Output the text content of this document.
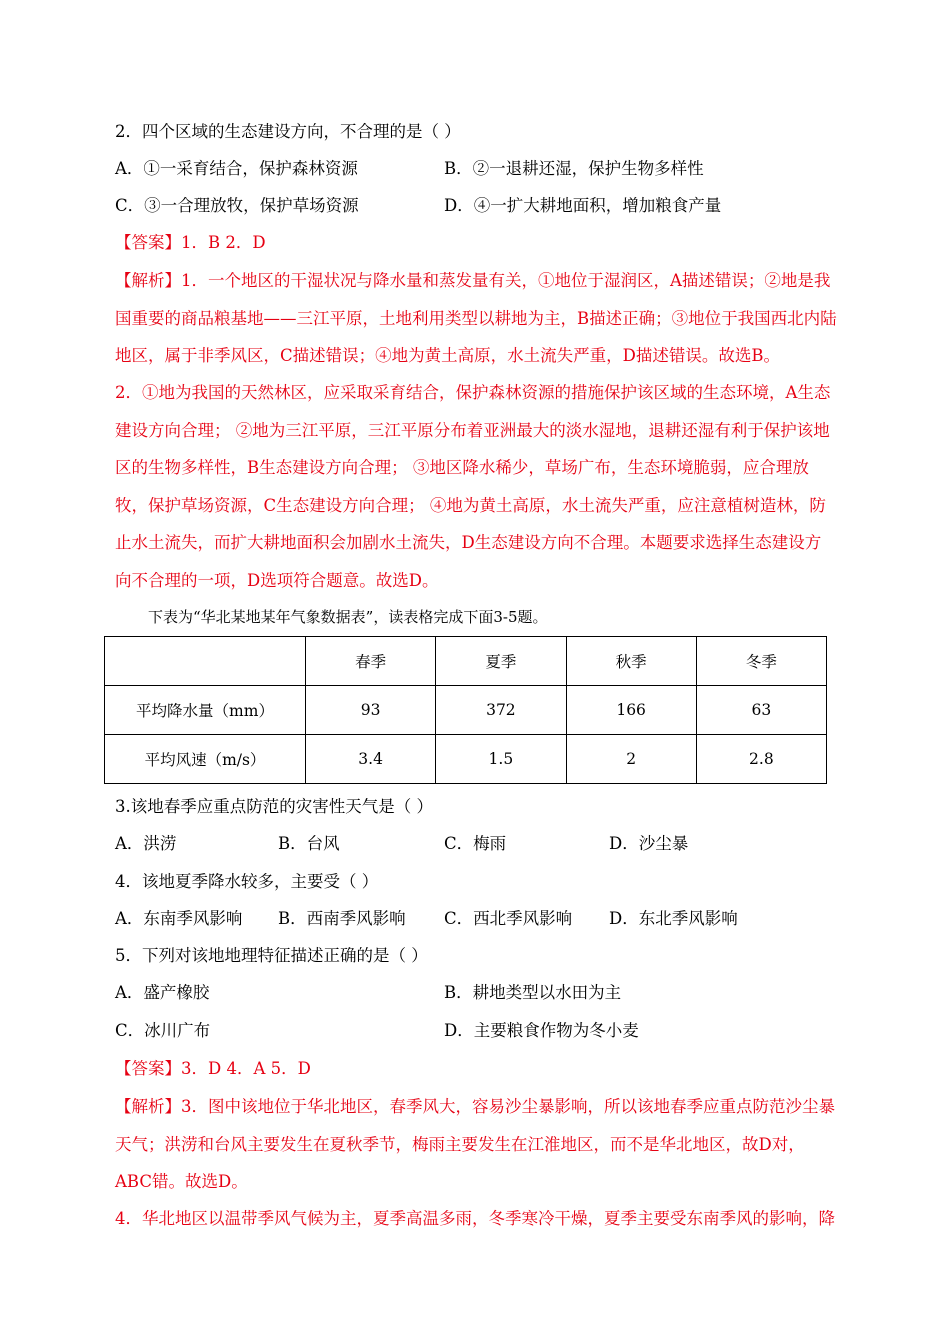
2．四个区域的生态建设方向，不合理的是（ ）
A．①一采育结合，保护森林资源	B．②一退耕还湿，保护生物多样性
C．③一合理放牧，保护草场资源	D．④一扩大耕地面积，增加粮食产量
【答案】1．B 2．D
【解析】1．一个地区的干湿状况与降水量和蒸发量有关，①地位于湿润区，A描述错误；②地是我国重要的商品粮基地——三江平原，土地利用类型以耕地为主，B描述正确；③地位于我国西北内陆地区，属于非季风区，C描述错误；④地为黄土高原，水土流失严重，D描述错误。故选B。
2．①地为我国的天然林区，应采取采育结合，保护森林资源的措施保护该区域的生态环境，A生态建设方向合理； ②地为三江平原，三江平原分布着亚洲最大的淡水湿地，退耕还湿有利于保护该地区的生物多样性，B生态建设方向合理； ③地区降水稀少，草场广布，生态环境脆弱，应合理放牧，保护草场资源，C生态建设方向合理； ④地为黄土高原，水土流失严重，应注意植树造林，防止水土流失，而扩大耕地面积会加剧水土流失，D生态建设方向不合理。本题要求选择生态建设方向不合理的一项，D选项符合题意。故选D。
下表为“华北某地某年气象数据表”，读表格完成下面3-5题。
	春季	夏季	秋季	冬季
平均降水量（mm）	93	372	166	63
平均风速（m/s）	3.4	1.5	2	2.8
3.该地春季应重点防范的灾害性天气是（ ）
A．洪涝	B．台风	C．梅雨	D．沙尘暴
4．该地夏季降水较多，主要受（ ）
A．东南季风影响 B．西南季风影响 C．西北季风影响 D．东北季风影响
5．下列对该地地理特征描述正确的是（ ）
A．盛产橡胶	B．耕地类型以水田为主
C．冰川广布	D．主要粮食作物为冬小麦
【答案】3．D 4．A 5．D
【解析】3．图中该地位于华北地区，春季风大，容易沙尘暴影响，所以该地春季应重点防范沙尘暴天气；洪涝和台风主要发生在夏秋季节，梅雨主要发生在江淮地区，而不是华北地区，故D对，ABC错。故选D。
4．华北地区以温带季风气候为主，夏季高温多雨，冬季寒冷干燥，夏季主要受东南季风的影响，降
